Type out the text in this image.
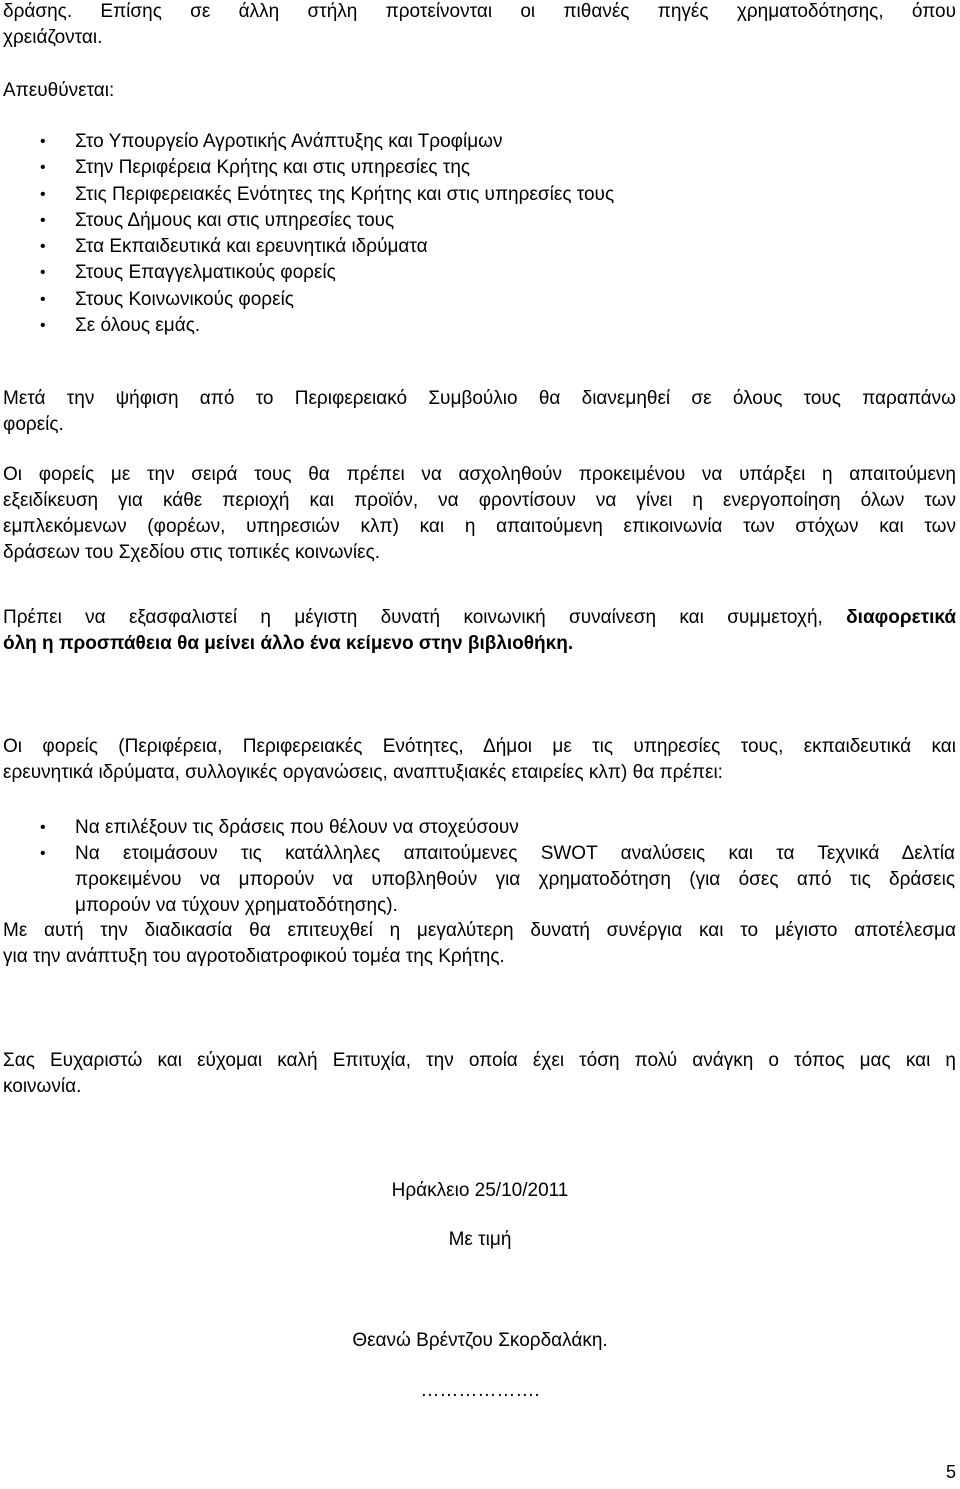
δράσης. Επίσης σε άλλη στήλη προτείνονται οι πιθανές πηγές χρηματοδότησης, όπου
χρειάζονται.

Απευθύνεται:

• Στο Υπουργείο Αγροτικής Ανάπτυξης και Τροφίμων
• Στην Περιφέρεια Κρήτης και στις υπηρεσίες της
• Στις Περιφερειακές Ενότητες της Κρήτης και στις υπηρεσίες τους
• Στους Δήμους και στις υπηρεσίες τους
• Στα Εκπαιδευτικά και ερευνητικά ιδρύματα
• Στους Επαγγελματικούς φορείς
• Στους Κοινωνικούς φορείς
• Σε όλους εμάς.

Μετά την ψήφιση από το Περιφερειακό Συμβούλιο θα διανεμηθεί σε όλους τους παραπάνω
φορείς.

Οι φορείς με την σειρά τους θα πρέπει να ασχοληθούν προκειμένου να υπάρξει η απαιτούμενη
εξειδίκευση για κάθε περιοχή και προϊόν, να φροντίσουν να γίνει η ενεργοποίηση όλων των
εμπλεκόμενων (φορέων, υπηρεσιών κλπ) και η απαιτούμενη επικοινωνία των στόχων και των
δράσεων του Σχεδίου στις τοπικές κοινωνίες.

Πρέπει να εξασφαλιστεί η μέγιστη δυνατή κοινωνική συναίνεση και συμμετοχή, διαφορετικά
όλη η προσπάθεια θα μείνει άλλο ένα κείμενο στην βιβλιοθήκη.

Οι φορείς (Περιφέρεια, Περιφερειακές Ενότητες, Δήμοι με τις υπηρεσίες τους, εκπαιδευτικά και
ερευνητικά ιδρύματα, συλλογικές οργανώσεις, αναπτυξιακές εταιρείες κλπ) θα πρέπει:

• Να επιλέξουν τις δράσεις που θέλουν να στοχεύσουν
• Να ετοιμάσουν τις κατάλληλες απαιτούμενες SWOT αναλύσεις και τα Τεχνικά Δελτία
προκειμένου να μπορούν να υποβληθούν για χρηματοδότηση (για όσες από τις δράσεις
μπορούν να τύχουν χρηματοδότησης).

Με αυτή την διαδικασία θα επιτευχθεί η μεγαλύτερη δυνατή συνέργια και το μέγιστο αποτέλεσμα
για την ανάπτυξη του αγροτοδιατροφικού τομέα της Κρήτης.

Σας Ευχαριστώ και εύχομαι καλή Επιτυχία, την οποία έχει τόση πολύ ανάγκη ο τόπος μας και η
κοινωνία.

Ηράκλειο 25/10/2011

Με τιμή

Θεανώ Βρέντζου Σκορδαλάκη.

……………….

5
